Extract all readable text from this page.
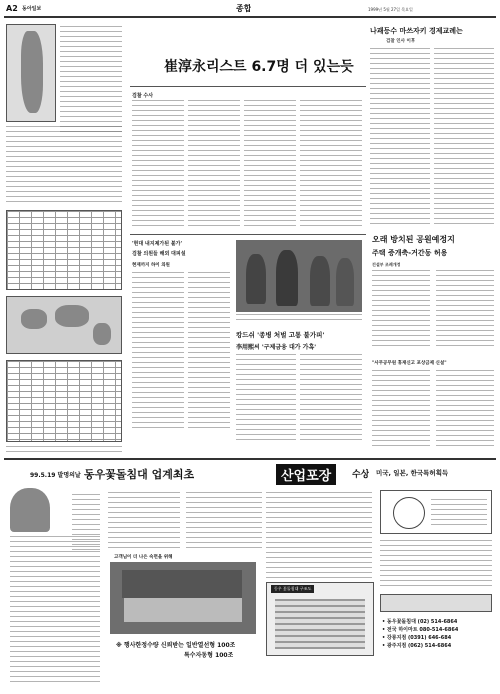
A2 동아일보	종합	1999년 5월 27일 목요일
崔淳永리스트 6.7명 더 있는듯
검찰 수사
나괘등수 마쓰자키 경제교례는
검찰 인사 이후
'현대 내지제가된 불가'
검찰 의원들 해외 대피설
현재까지 하이 의원
오래 방치된 공원예정지
주택 증개축-거간동 허용
건설부 조례개정
캉드쉬 '종병 처벌 고통 불가피'
李用熙씨 '구제금융 대가 가혹'
"사무공무원 휴재신고 포상금제 신설"
99.5.19 발명의날 동우꽃돌침대 업계최초	산업포장	수상 미국, 일본, 한국특허획득
고객님이 더 나은 숙면을 위해
동우 꽃돌침대 구조도
※ 행사한정수량 신뢰받는 일반열선형 100조
특수자동형 100조
• 동우꽃돌침대 (02) 514-6864
• 전국 하이마트 080-514-6864
• 강릉지점 (0391) 646-684
• 광주지점 (062) 514-6864
